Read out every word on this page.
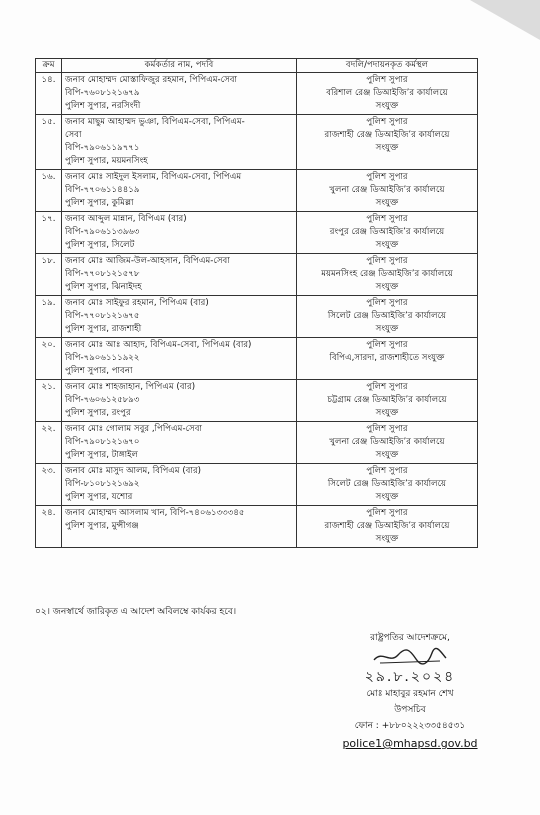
ক্রম	কর্মকর্তার নাম, পদবি	বদলি/পদায়নকৃত কর্মস্থল
১৪.	জনাব মোহাম্মদ মোস্তাফিজুর রহমান, পিপিএম-সেবা
বিপি-৭৬০৮১২১৬৭৯
পুলিশ সুপার, নরসিংদী	পুলিশ সুপার
বরিশাল রেঞ্জ ডিআইজি’র কার্যালয়ে
সংযুক্ত

১৫.	জনাব মাছুম আহাম্মদ ভুঞা, বিপিএম-সেবা, পিপিএম-
সেবা
বিপি-৭৯০৬১১৯৭৭১
পুলিশ সুপার, ময়মনসিংহ	পুলিশ সুপার
রাজশাহী রেঞ্জ ডিআইজি’র কার্যালয়ে
সংযুক্ত

১৬.	জনাব মোঃ সাইদুল ইসলাম, বিপিএম-সেবা, পিপিএম
বিপি-৭৭০৬১১৪৪১৯
পুলিশ সুপার, কুমিল্লা	পুলিশ সুপার
খুলনা রেঞ্জ ডিআইজি’র কার্যালয়ে
সংযুক্ত

১৭.	জনাব আব্দুল মান্নান, বিপিএম (বার)
বিপি-৭৯০৬১১৩৯৬৩
পুলিশ সুপার, সিলেট	পুলিশ সুপার
রংপুর রেঞ্জ ডিআইজি’র কার্যালয়ে
সংযুক্ত

১৮.	জনাব মোঃ আজিম-উল-আহসান, বিপিএম-সেবা
বিপি-৭৭০৮১২১৫৭৮
পুলিশ সুপার, ঝিনাইদহ	পুলিশ সুপার
ময়মনসিংহ রেঞ্জ ডিআইজি’র কার্যালয়ে
সংযুক্ত

১৯.	জনাব মোঃ সাইফুর রহমান, পিপিএম (বার)
বিপি-৭৭০৮১২১৬৭৫
পুলিশ সুপার, রাজশাহী	পুলিশ সুপার
সিলেট রেঞ্জ ডিআইজি’র কার্যালয়ে
সংযুক্ত

২০.	জনাব মোঃ আঃ আহাদ, বিপিএম-সেবা, পিপিএম (বার)
বিপি-৭৯০৬১১১৯২২
পুলিশ সুপার, পাবনা	পুলিশ সুপার
বিপিএ,সারদা, রাজশাহীতে সংযুক্ত

২১.	জনাব মোঃ শাহজাহান, পিপিএম (বার)
বিপি-৭৬০৬১২৫৮৯৩
পুলিশ সুপার, রংপুর	পুলিশ সুপার
চট্টগ্রাম রেঞ্জ ডিআইজি’র কার্যালয়ে
সংযুক্ত

২২.	জনাব মোঃ গোলাম সবুর ,পিপিএম-সেবা
বিপি-৭৯০৮১২১৬৭০
পুলিশ সুপার, টাঙ্গাইল	পুলিশ সুপার
খুলনা রেঞ্জ ডিআইজি’র কার্যালয়ে
সংযুক্ত

২৩.	জনাব মোঃ মাসুদ আলম, বিপিএম (বার)
বিপি-৮১০৮১২১৬৯২
পুলিশ সুপার, যশোর	পুলিশ সুপার
সিলেট রেঞ্জ ডিআইজি’র কার্যালয়ে
সংযুক্ত

২৪.	জনাব মোহাম্মদ আসলাম খান, বিপি-৭৪০৬১৩৩৩৪৫
পুলিশ সুপার, মুন্সীগঞ্জ	পুলিশ সুপার
রাজশাহী রেঞ্জ ডিআইজি’র কার্যালয়ে
সংযুক্ত
০২। জনস্বার্থে জারিকৃত এ আদেশ অবিলম্বে কার্যকর হবে।
রাষ্ট্রপতির আদেশক্রমে,
২৯.৮.২০২৪
মোঃ মাহাবুর রহমান শেখ
উপসচিব
ফোন : +৮৮০২২২৩৩৫৪৫৩১
police1@mhapsd.gov.bd
